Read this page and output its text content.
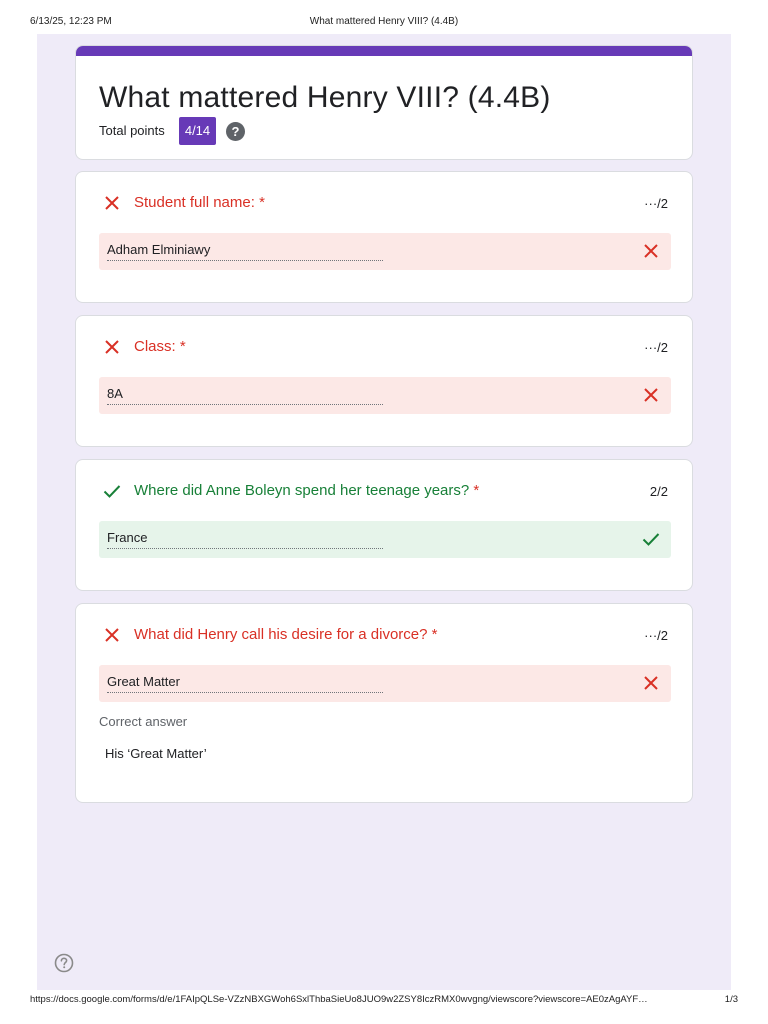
6/13/25, 12:23 PM	What mattered Henry VIII? (4.4B)
What mattered Henry VIII? (4.4B)
Total points	4/14	?
Student full name: *	···/2
Adham Elminiawy
Class: *	···/2
8A
Where did Anne Boleyn spend her teenage years? *	2/2
France
What did Henry call his desire for a divorce? *	···/2
Great Matter
Correct answer
His ‘Great Matter’
https://docs.google.com/forms/d/e/1FAIpQLSe-VZzNBXGWoh6SxlThbaSieUo8JUO9w2ZSY8IczRMX0wvgng/viewscore?viewscore=AE0zAgAYF…	1/3
